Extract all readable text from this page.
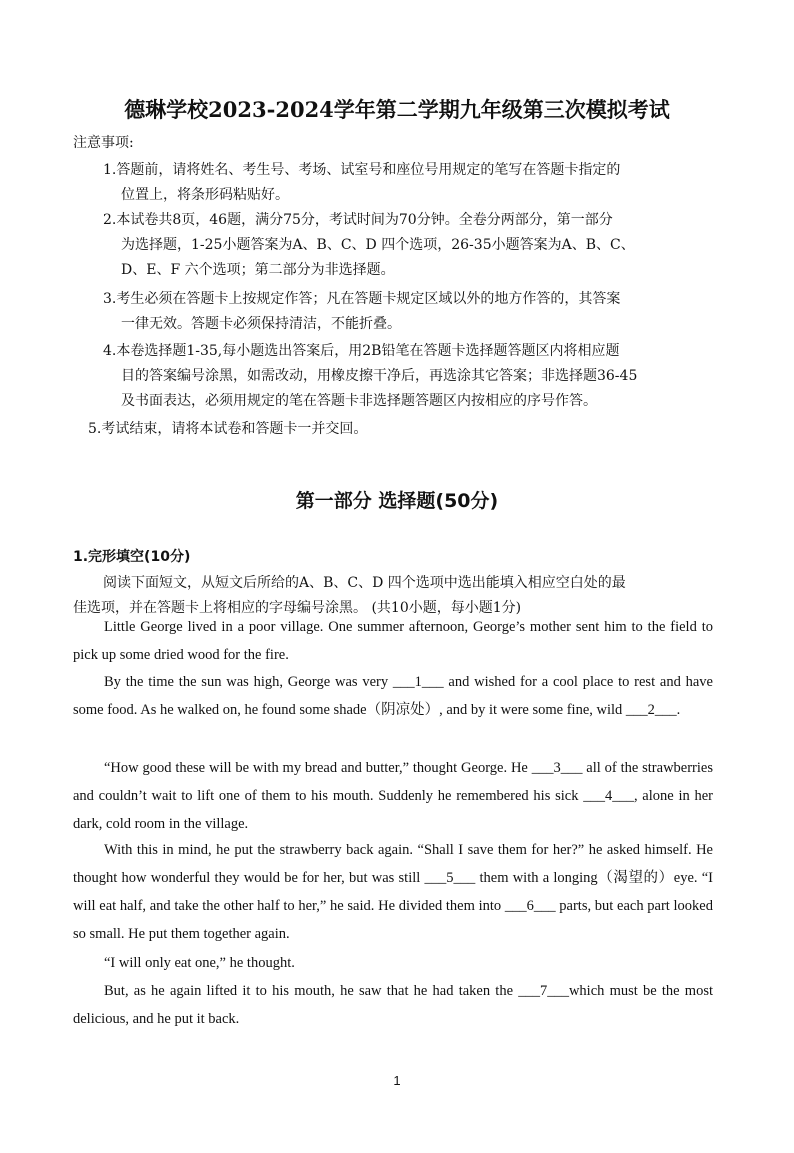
德琳学校2023-2024学年第二学期九年级第三次模拟考试
注意事项:
1.答题前，请将姓名、考生号、考场、试室号和座位号用规定的笔写在答题卡指定的
位置上，将条形码粘贴好。
2.本试卷共8页，46题，满分75分，考试时间为70分钟。全卷分两部分，第一部分
为选择题，1-25小题答案为A、B、C、D 四个选项，26-35小题答案为A、B、C、
D、E、F 六个选项；第二部分为非选择题。
3.考生必须在答题卡上按规定作答；凡在答题卡规定区域以外的地方作答的，其答案
一律无效。答题卡必须保持清洁，不能折叠。
4.本卷选择题1-35,每小题选出答案后，用2B铅笔在答题卡选择题答题区内将相应题
目的答案编号涂黑，如需改动，用橡皮擦干净后，再选涂其它答案；非选择题36-45
及书面表达，必须用规定的笔在答题卡非选择题答题区内按相应的序号作答。
5.考试结束，请将本试卷和答题卡一并交回。
第一部分 选择题(50分)
1.完形填空(10分)
阅读下面短文，从短文后所给的A、B、C、D 四个选项中选出能填入相应空白处的最
佳选项，并在答题卡上将相应的字母编号涂黑。 (共10小题，每小题1分)

Little George lived in a poor village. One summer afternoon, George’s mother sent him to the field to pick up some dried wood for the fire.

By the time the sun was high, George was very ___1___ and wished for a cool place to rest and have some food. As he walked on, he found some shade（阴凉处）, and by it were some fine, wild ___2___.

“How good these will be with my bread and butter,” thought George. He ___3___ all of the strawberries and couldn’t wait to lift one of them to his mouth. Suddenly he remembered his sick ___4___, alone in her dark, cold room in the village.

With this in mind, he put the strawberry back again. “Shall I save them for her?” he asked himself. He thought how wonderful they would be for her, but was still ___5___ them with a longing（渴望的）eye. “I will eat half, and take the other half to her,” he said. He divided them into ___6___ parts, but each part looked so small. He put them together again.

“I will only eat one,” he thought.

But, as he again lifted it to his mouth, he saw that he had taken the ___7___which must be the most delicious, and he put it back.

1
